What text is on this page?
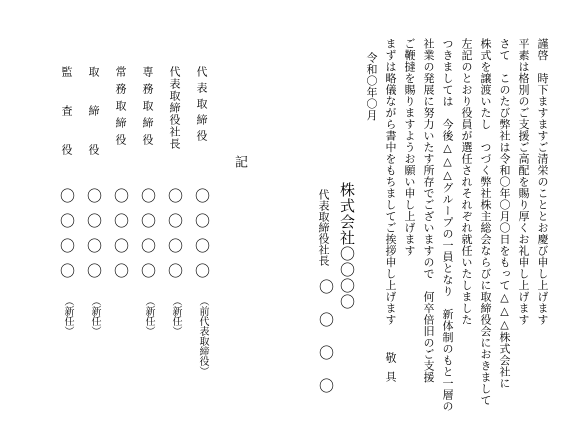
謹啓　時下ますますご清栄のこととお慶び申し上げます
平素は格別のご支援ご高配を賜り厚くお礼申し上げます
さて　このたび弊社は令和〇年〇月〇日をもって△△△株式会社に
株式を譲渡いたし　つづく弊社株主総会ならびに取締役会におきまして
左記のとおり役員が選任されそれぞれ就任いたしました
つきましては　今後△△△グループの一員となり　新体制のもと一層の
社業の発展に努力いたす所存でございますので　何卒倍旧のご支援
ご鞭撻を賜りますようお願い申し上げます
まずは略儀ながら書中をもちましてご挨拶申し上げます
敬具
令和〇年〇月
株式会社〇〇〇〇
代表取締役社長
〇〇〇〇
記
代表取締役
〇〇〇〇
（前代表取締役）
代表取締役社長
〇〇〇〇
（新任）
専務取締役
〇〇〇〇
（新任）
常務取締役
〇〇〇〇
取締役
〇〇〇〇
（新任）
監査役
〇〇〇〇
（新任）
